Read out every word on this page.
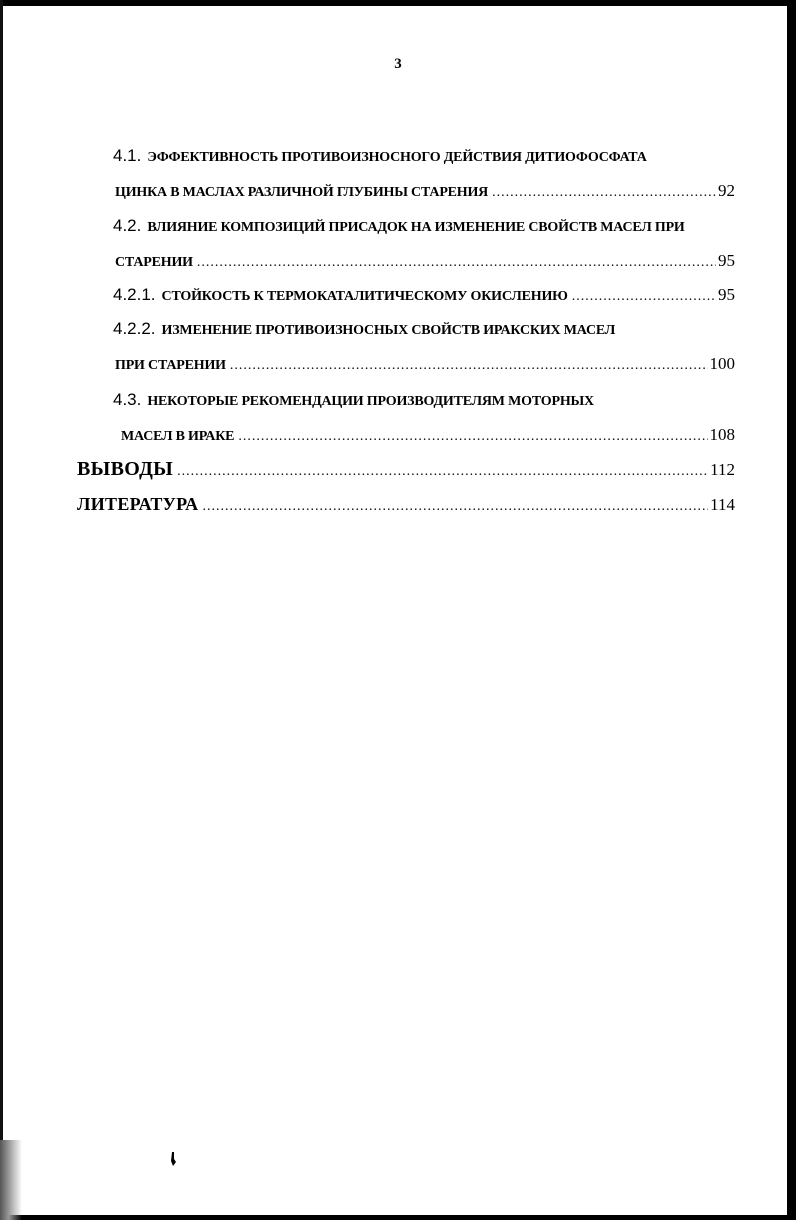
3
4.1. ЭФФЕКТИВНОСТЬ ПРОТИВОИЗНОСНОГО ДЕЙСТВИЯ ДИТИОФОСФАТА
ЦИНКА В МАСЛАХ РАЗЛИЧНОЙ ГЛУБИНЫ СТАРЕНИЯ .....	92
4.2. ВЛИЯНИЕ КОМПОЗИЦИЙ ПРИСАДОК НА ИЗМЕНЕНИЕ СВОЙСТВ МАСЕЛ ПРИ
СТАРЕНИИ .....	95
4.2.1. СТОЙКОСТЬ К ТЕРМОКАТАЛИТИЧЕСКОМУ ОКИСЛЕНИЮ .....	95
4.2.2. ИЗМЕНЕНИЕ ПРОТИВОИЗНОСНЫХ СВОЙСТВ ИРАКСКИХ МАСЕЛ
ПРИ СТАРЕНИИ .....	100
4.3. НЕКОТОРЫЕ РЕКОМЕНДАЦИИ ПРОИЗВОДИТЕЛЯМ МОТОРНЫХ
МАСЕЛ В ИРАКЕ .....	108
ВЫВОДЫ .....	112
ЛИТЕРАТУРА .....	114
